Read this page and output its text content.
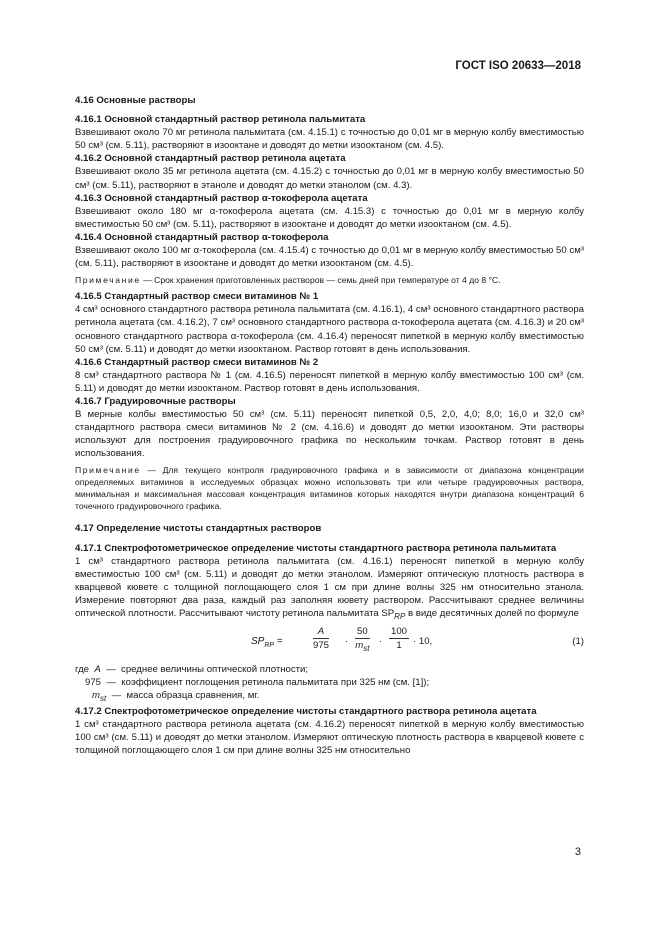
ГОСТ ISO 20633—2018
4.16 Основные растворы
4.16.1 Основной стандартный раствор ретинола пальмитата
Взвешивают около 70 мг ретинола пальмитата (см. 4.15.1) с точностью до 0,01 мг в мерную колбу вместимостью 50 см³ (см. 5.11), растворяют в изооктане и доводят до метки изооктаном (см. 4.5).
4.16.2 Основной стандартный раствор ретинола ацетата
Взвешивают около 35 мг ретинола ацетата (см. 4.15.2) с точностью до 0,01 мг в мерную колбу вместимостью 50 см³ (см. 5.11), растворяют в этаноле и доводят до метки этанолом (см. 4.3).
4.16.3 Основной стандартный раствор α-токоферола ацетата
Взвешивают около 180 мг α-токоферола ацетата (см. 4.15.3) с точностью до 0,01 мг в мерную колбу вместимостью 50 см³ (см. 5.11), растворяют в изооктане и доводят до метки изооктаном (см. 4.5).
4.16.4 Основной стандартный раствор α-токоферола
Взвешивают около 100 мг α-токоферола (см. 4.15.4) с точностью до 0,01 мг в мерную колбу вместимостью 50 см³ (см. 5.11), растворяют в изооктане и доводят до метки изооктаном (см. 4.5).
Примечание — Срок хранения приготовленных растворов — семь дней при температуре от 4 до 8 °С.
4.16.5 Стандартный раствор смеси витаминов № 1
4 см³ основного стандартного раствора ретинола пальмитата (см. 4.16.1), 4 см³ основного стандартного раствора ретинола ацетата (см. 4.16.2), 7 см³ основного стандартного раствора α-токоферола ацетата (см. 4.16.3) и 20 см³ основного стандартного раствора α-токоферола (см. 4.16.4) переносят пипеткой в мерную колбу вместимостью 50 см³ (см. 5.11) и доводят до метки изооктаном. Раствор готовят в день использования.
4.16.6 Стандартный раствор смеси витаминов № 2
8 см³ стандартного раствора № 1 (см. 4.16.5) переносят пипеткой в мерную колбу вместимостью 100 см³ (см. 5.11) и доводят до метки изооктаном. Раствор готовят в день использования.
4.16.7 Градуировочные растворы
В мерные колбы вместимостью 50 см³ (см. 5.11) переносят пипеткой 0,5, 2,0, 4,0; 8,0; 16,0 и 32,0 см³ стандартного раствора смеси витаминов № 2 (см. 4.16.6) и доводят до метки изооктаном. Эти растворы используют для построения градуировочного графика по нескольким точкам. Раствор готовят в день использования.
Примечание — Для текущего контроля градуировочного графика и в зависимости от диапазона концентрации определяемых витаминов в исследуемых образцах можно использовать три или четыре градуировочных раствора, минимальная и максимальная массовая концентрация витаминов которых находятся внутри диапазона концентраций 6 точечного градуировочного графика.
4.17 Определение чистоты стандартных растворов
4.17.1 Спектрофотометрическое определение чистоты стандартного раствора ретинола пальмитата
1 см³ стандартного раствора ретинола пальмитата (см. 4.16.1) переносят пипеткой в мерную колбу вместимостью 100 см³ (см. 5.11) и доводят до метки этанолом. Измеряют оптическую плотность раствора в кварцевой кювете с толщиной поглощающего слоя 1 см при длине волны 325 нм относительно этанола. Измерение повторяют два раза, каждый раз заполняя кювету раствором. Рассчитывают среднее величины оптической плотности. Рассчитывают чистоту ретинола пальмитата $SP_{RP}$ в виде десятичных долей по формуле
$SP_{RP}$ =	$\frac{A}{975}$ ·
50
$m_{st}$
· $\frac{100}{1} \cdot 10$,	(1)
где A — среднее величины оптической плотности;
975 — коэффициент поглощения ретинола пальмитата при 325 нм (см. [1]);
$m_{st}$ — масса образца сравнения, мг.
4.17.2 Спектрофотометрическое определение чистоты стандартного раствора ретинола ацетата
1 см³ стандартного раствора ретинола ацетата (см. 4.16.2) переносят пипеткой в мерную колбу вместимостью 100 см³ (см. 5.11) и доводят до метки этанолом. Измеряют оптическую плотность раствора в кварцевой кювете с толщиной поглощающего слоя 1 см при длине волны 325 нм относительно
3
